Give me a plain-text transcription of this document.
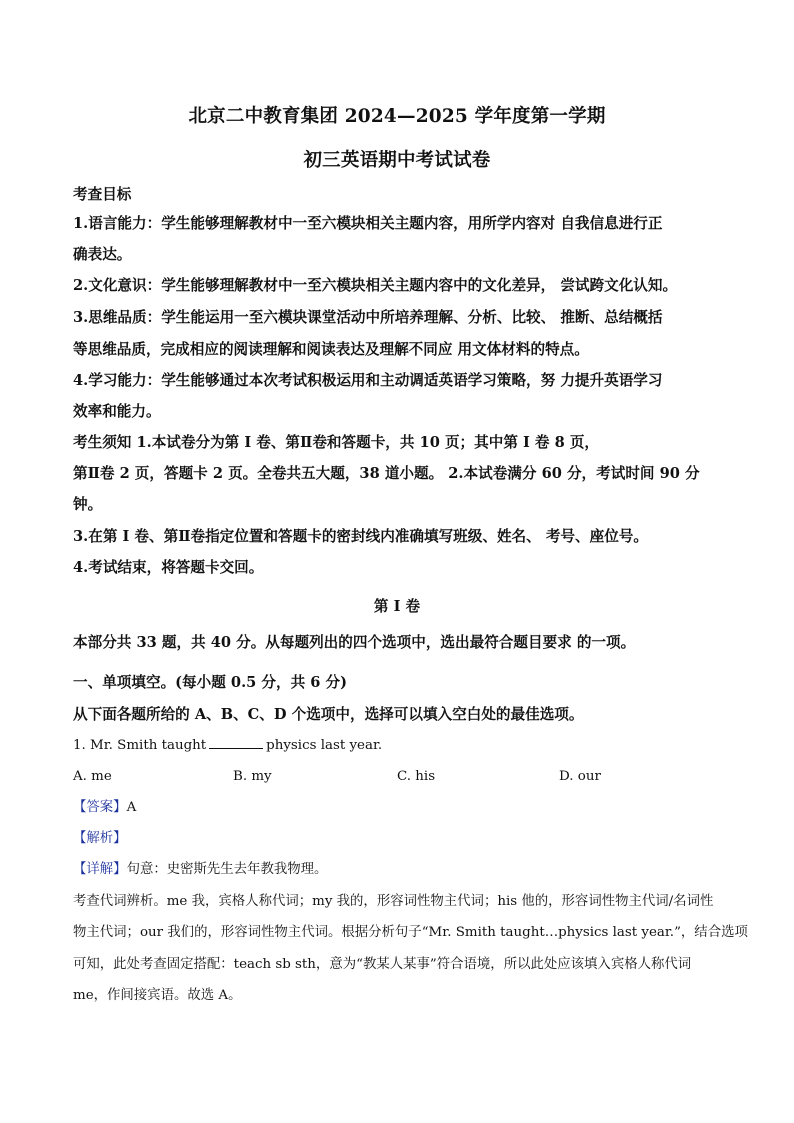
北京二中教育集团 2024—2025 学年度第一学期
初三英语期中考试试卷
考查目标
1.语言能力：学生能够理解教材中一至六模块相关主题内容，用所学内容对 自我信息进行正
确表达。
2.文化意识：学生能够理解教材中一至六模块相关主题内容中的文化差异， 尝试跨文化认知。
3.思维品质：学生能运用一至六模块课堂活动中所培养理解、分析、比较、 推断、总结概括
等思维品质，完成相应的阅读理解和阅读表达及理解不同应 用文体材料的特点。
4.学习能力：学生能够通过本次考试积极运用和主动调适英语学习策略，努 力提升英语学习
效率和能力。
考生须知 1.本试卷分为第 I 卷、第Ⅱ卷和答题卡，共 10 页；其中第 I 卷 8 页，
第Ⅱ卷 2 页，答题卡 2 页。全卷共五大题，38 道小题。 2.本试卷满分 60 分，考试时间 90 分
钟。
3.在第 I 卷、第Ⅱ卷指定位置和答题卡的密封线内准确填写班级、姓名、 考号、座位号。
4.考试结束，将答题卡交回。
第 I 卷
本部分共 33 题，共 40 分。从每题列出的四个选项中，选出最符合题目要求 的一项。
一、单项填空。(每小题 0.5 分，共 6 分)
从下面各题所给的 A、B、C、D 个选项中，选择可以填入空白处的最佳选项。
1. Mr. Smith taught	physics last year.
A. me	B. my	C. his	D. our
【答案】A
【解析】
【详解】句意：史密斯先生去年教我物理。
考查代词辨析。me 我，宾格人称代词；my 我的，形容词性物主代词；his 他的，形容词性物主代词/名词性
物主代词；our 我们的，形容词性物主代词。根据分析句子“Mr. Smith taught…physics last year.”，结合选项
可知，此处考查固定搭配：teach sb sth，意为“教某人某事”符合语境，所以此处应该填入宾格人称代词
me，作间接宾语。故选 A。
